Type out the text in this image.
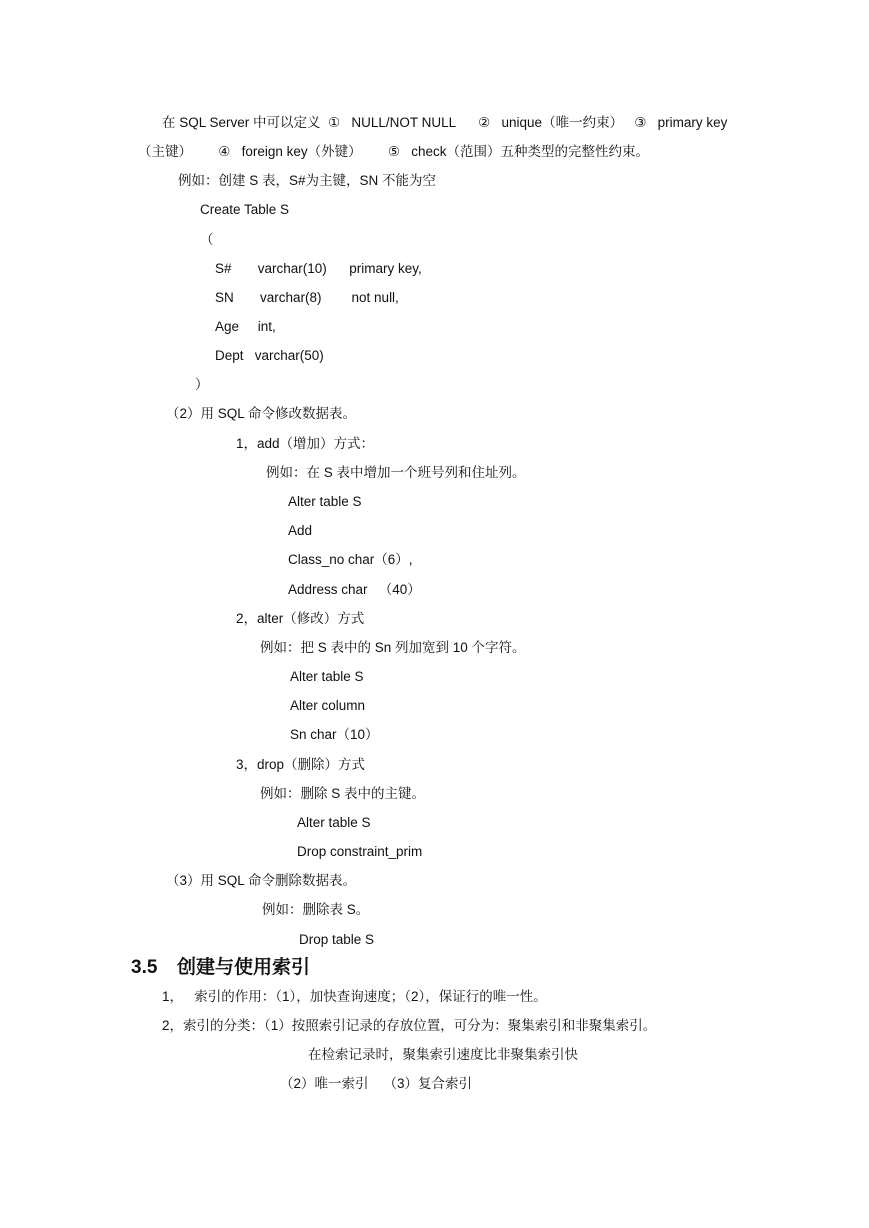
在 SQL Server 中可以定义  ①   NULL/NOT NULL      ②   unique（唯一约束）   ③   primary key
（主键）       ④   foreign key（外键）       ⑤   check（范围）五种类型的完整性约束。
例如：创建 S 表，S#为主键，SN 不能为空
Create Table S
（
S#       varchar(10)      primary key,
SN       varchar(8)        not null,
Age     int,
Dept   varchar(50)
）
（2）用 SQL 命令修改数据表。
1，add（增加）方式：
例如：在 S 表中增加一个班号列和住址列。
Alter table S
Add
Class_no char（6）,
Address char   （40）
2，alter（修改）方式
例如：把 S 表中的 Sn 列加宽到 10 个字符。
Alter table S
Alter column
Sn char（10）
3，drop（删除）方式
例如：删除 S 表中的主键。
Alter table S
Drop constraint_prim
（3）用 SQL 命令删除数据表。
例如：删除表 S。
Drop table S
3.5 创建与使用索引
1，   索引的作用：（1），加快查询速度；（2），保证行的唯一性。
2，索引的分类：（1）按照索引记录的存放位置，可分为：聚集索引和非聚集索引。
在检索记录时，聚集索引速度比非聚集索引快
（2）唯一索引    （3）复合索引
